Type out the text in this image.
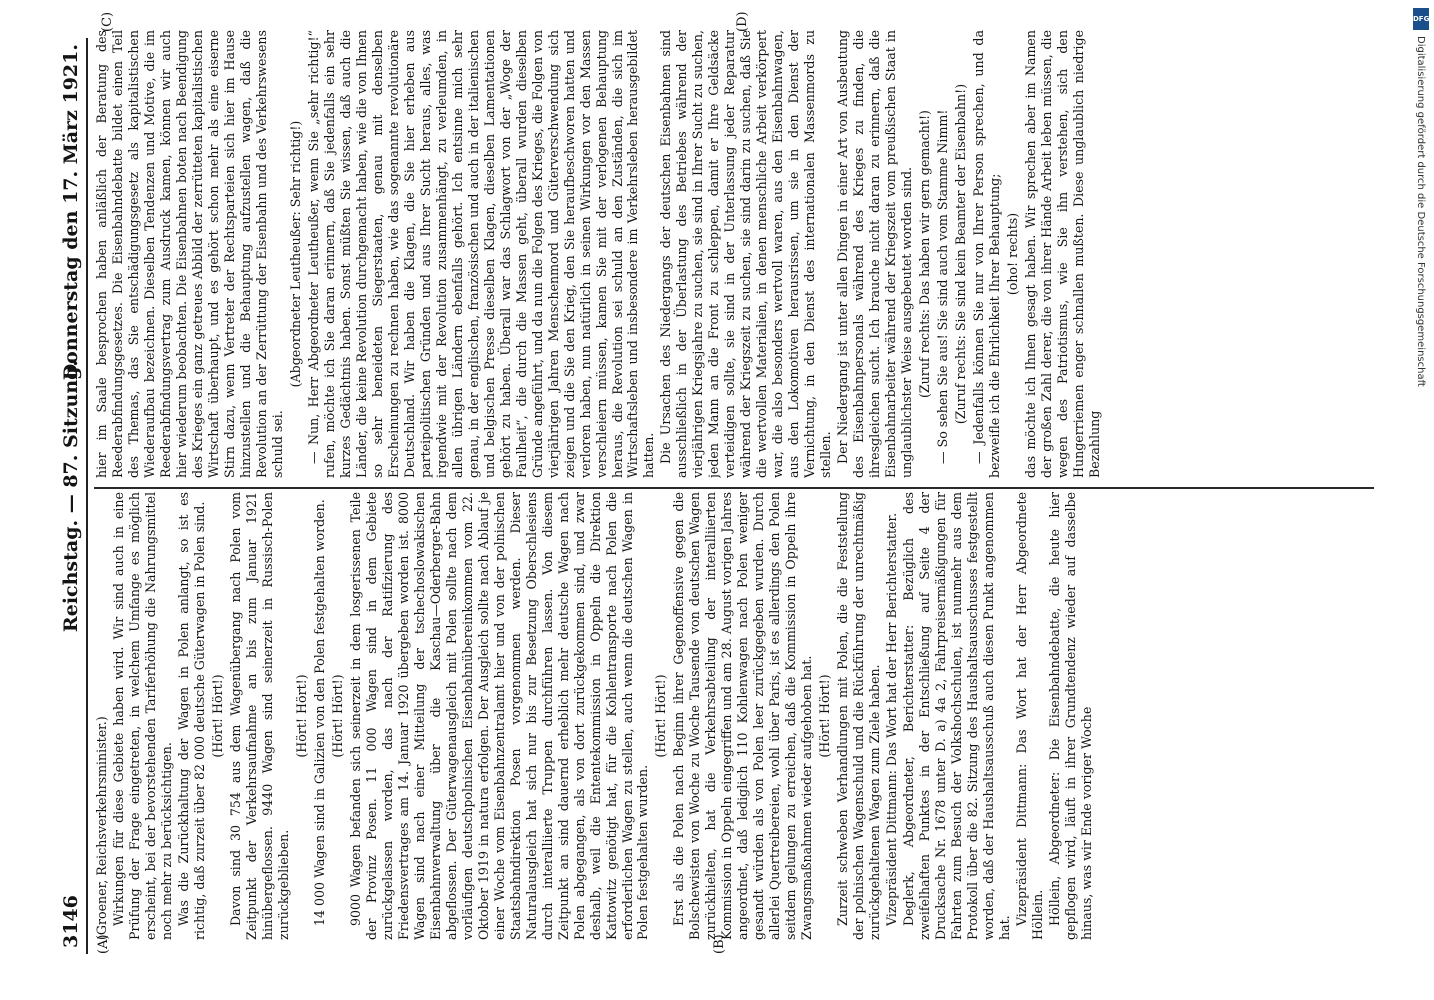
3146
Reichstag. — 87. Sitzung.
Donnerstag den 17. März 1921.
(A)	(B)
(C)	(D)

(Groener, Reichsverkehrsminister.) Wirkungen für diese Gebiete haben wird. Wir sind auch in eine Prüfung der Frage eingetreten, in welchem Umfange es möglich erscheint, bei der bevorstehenden Tariferhöhung die Nahrungsmittel noch mehr zu berücksichtigen. Was die Zurückhaltung der Wagen in Polen anlangt, so ist es richtig, daß zurzeit über 82 000 deutsche Güterwagen in Polen sind. (Hört! Hört!) Davon sind 30 754 aus dem Wagenübergang nach Polen vom Zeitpunkt der Verkehrsaufnahme an bis zum Januar 1921 hinübergeflossen. 9440 Wagen sind seinerzeit in Russisch-Polen zurückgeblieben.

(Hört! Hört!) 14 000 Wagen sind in Galizien von den Polen festgehalten worden. (Hört! Hört!) 9000 Wagen befanden sich seinerzeit in dem losgerissenen Teile der Provinz Posen. 11 000 Wagen sind in dem Gebiete zurückgelassen worden, das nach der Ratifizierung des Friedensvertrages am 14. Januar 1920 übergeben worden ist. 8000 Wagen sind nach einer Mitteilung der tschechoslowakischen Eisenbahnverwaltung über die Kaschau—Oderberger-Bahn abgeflossen. Der Güterwagenausgleich mit Polen sollte nach dem vorläufigen deutschpolnischen Eisenbahnübereinkommen vom 22. Oktober 1919 in natura erfolgen. Der Ausgleich sollte nach Ablauf je einer Woche vom Eisenbahnzentralamt hier und von der polnischen Staatsbahndirektion Posen vorgenommen werden. Dieser Naturalausgleich hat sich nur bis zur Besetzung Oberschlesiens durch interalliierte Truppen durchführen lassen. Von diesem Zeitpunkt an sind dauernd erheblich mehr deutsche Wagen nach Polen abgegangen, als von dort zurückgekommen sind, und zwar deshalb, weil die Ententekommission in Oppeln die Direktion Kattowitz genötigt hat, für die Kohlentransporte nach Polen die erforderlichen Wagen zu stellen, auch wenn die deutschen Wagen in Polen festgehalten wurden.

(Hört! Hört!) Erst als die Polen nach Beginn ihrer Gegenoffensive gegen die Bolschewisten von Woche zu Woche Tausende von deutschen Wagen zurückhielten, hat die Verkehrsabteilung der interalliierten Kommission in Oppeln eingegriffen und am 28. August vorigen Jahres angeordnet, daß lediglich 110 Kohlenwagen nach Polen weniger gesandt würden als von Polen leer zurückgegeben wurden. Durch allerlei Quertreibereien, wohl über Paris, ist es allerdings den Polen seitdem gelungen zu erreichen, daß die Kommission in Oppeln ihre Zwangsmaßnahmen wieder aufgehoben hat. (Hört! Hört!) Zurzeit schweben Verhandlungen mit Polen, die die Feststellung der polnischen Wagenschuld und die Rückführung der unrechtmäßig zurückgehaltenen Wagen zum Ziele haben. Vizepräsident Dittmann: Das Wort hat der Herr Berichterstatter. Deglerk, Abgeordneter, Berichterstatter: Bezüglich des zweifelhaften Punktes in der Entschließung auf Seite 4 der Drucksache Nr. 1678 unter D. a) 4a 2, Fahrpreisermäßigungen für Fahrten zum Besuch der Volkshochschulen, ist nunmehr aus dem Protokoll über die 82. Sitzung des Haushaltsausschusses festgestellt worden, daß der Haushaltsausschuß auch diesen Punkt angenommen hat.

Vizepräsident Dittmann: Das Wort hat der Herr Abgeordnete Höllein. Höllein, Abgeordneter: Die Eisenbahndebatte, die heute hier gepflogen wird, läuft in ihrer Grundtendenz wieder auf dasselbe hinaus, was wir Ende voriger Woche

hier im Saale besprochen haben anläßlich der Beratung des Reederabfindungsgesetzes. Die Eisenbahndebatte bildet einen Teil des Themas, das Sie entschädigungsgesetz als kapitalistischen Wiederaufbau bezeichnen. Dieselben Tendenzen und Motive, die im Reederabfindungsvertrag zum Ausdruck kamen, können wir auch hier wiederum beobachten. Die Eisenbahnen boten nach Beendigung des Krieges ein ganz getreues Abbild der zerrütteten kapitalistischen Wirtschaft überhaupt, und es gehört schon mehr als eine eiserne Stirn dazu, wenn Vertreter der Rechtsparteien sich hier im Hause hinzustellen und die Behauptung aufzustellen wagen, daß die Revolution an der Zerrüttung der Eisenbahn und des Verkehrswesens schuld sei.

(Abgeordneter Leutheußer: Sehr richtig!) — Nun, Herr Abgeordneter Leutheußer, wenn Sie „sehr richtig!“ rufen, möchte ich Sie daran erinnern, daß Sie jedenfalls ein sehr kurzes Gedächtnis haben. Sonst müßten Sie wissen, daß auch die Länder, die keine Revolution durchgemacht haben, wie die von Ihnen so sehr beneideten Siegerstaaten, genau mit denselben Erscheinungen zu rechnen haben, wie das sogenannte revolutionäre Deutschland. Wir haben die Klagen, die Sie hier erheben aus parteipolitischen Gründen und aus Ihrer Sucht heraus, alles, was irgendwie mit der Revolution zusammenhängt, zu verleumden, in allen übrigen Ländern ebenfalls gehört. Ich entsinne mich sehr genau, in der englischen, französischen und auch in der italienischen und belgischen Presse dieselben Klagen, dieselben Lamentationen gehört zu haben. Überall war das Schlagwort von der „Woge der Faulheit“, die durch die Massen geht, überall wurden dieselben Gründe angeführt, und da nun die Folgen des Krieges, die Folgen von vierjährigen Jahren Menschenmord und Güterverschwendung sich zeigen und die Sie den Krieg, den Sie heraufbeschworen hatten und verloren haben, nun natürlich in seinen Wirkungen vor den Massen verschleiern müssen, kamen Sie mit der verlogenen Behauptung heraus, die Revolution sei schuld an den Zuständen, die sich im Wirtschaftsleben und insbesondere im Verkehrsleben herausgebildet hatten. Die Ursachen des Niedergangs der deutschen Eisenbahnen sind ausschließlich in der Überlastung des Betriebes während der vierjährigen Kriegsjahre zu suchen, sie sind in Ihrer Sucht zu suchen, jeden Mann an die Front zu schleppen, damit er Ihre Geldsäcke verteidigen sollte, sie sind in der Unterlassung jeder Reparatur während der Kriegszeit zu suchen, sie sind darin zu suchen, daß Sie die wertvollen Materialien, in denen menschliche Arbeit verkörpert war, die also besonders wertvoll waren, aus den Eisenbahnwagen, aus den Lokomotiven herausrissen, um sie in den Dienst der Vernichtung, in den Dienst des internationalen Massenmords zu stellen. Der Niedergang ist unter allen Dingen in einer Art von Ausbeutung des Eisenbahnpersonals während des Krieges zu finden, die ihresgleichen sucht. Ich brauche nicht daran zu erinnern, daß die Eisenbahnarbeiter während der Kriegszeit vom preußischen Staat in unglaublichster Weise ausgebeutet worden sind. (Zuruf rechts: Das haben wir gern gemacht!) — So sehen Sie aus! Sie sind auch vom Stamme Nimm! (Zuruf rechts: Sie sind kein Beamter der Eisenbahn!) — Jedenfalls können Sie nur von Ihrer Person sprechen, und da bezweifle ich die Ehrlichkeit Ihrer Behauptung; (oho! rechts) das möchte ich Ihnen gesagt haben. Wir sprechen aber im Namen der großen Zahl derer, die von ihrer Hände Arbeit leben müssen, die wegen des Patriotismus, wie Sie ihn verstehen, sich den Hungerriemen enger schnallen mußten. Diese unglaublich niedrige Bezahlung

DFG
Digitalisierung gefördert durch die Deutsche Forschungsgemeinschaft
